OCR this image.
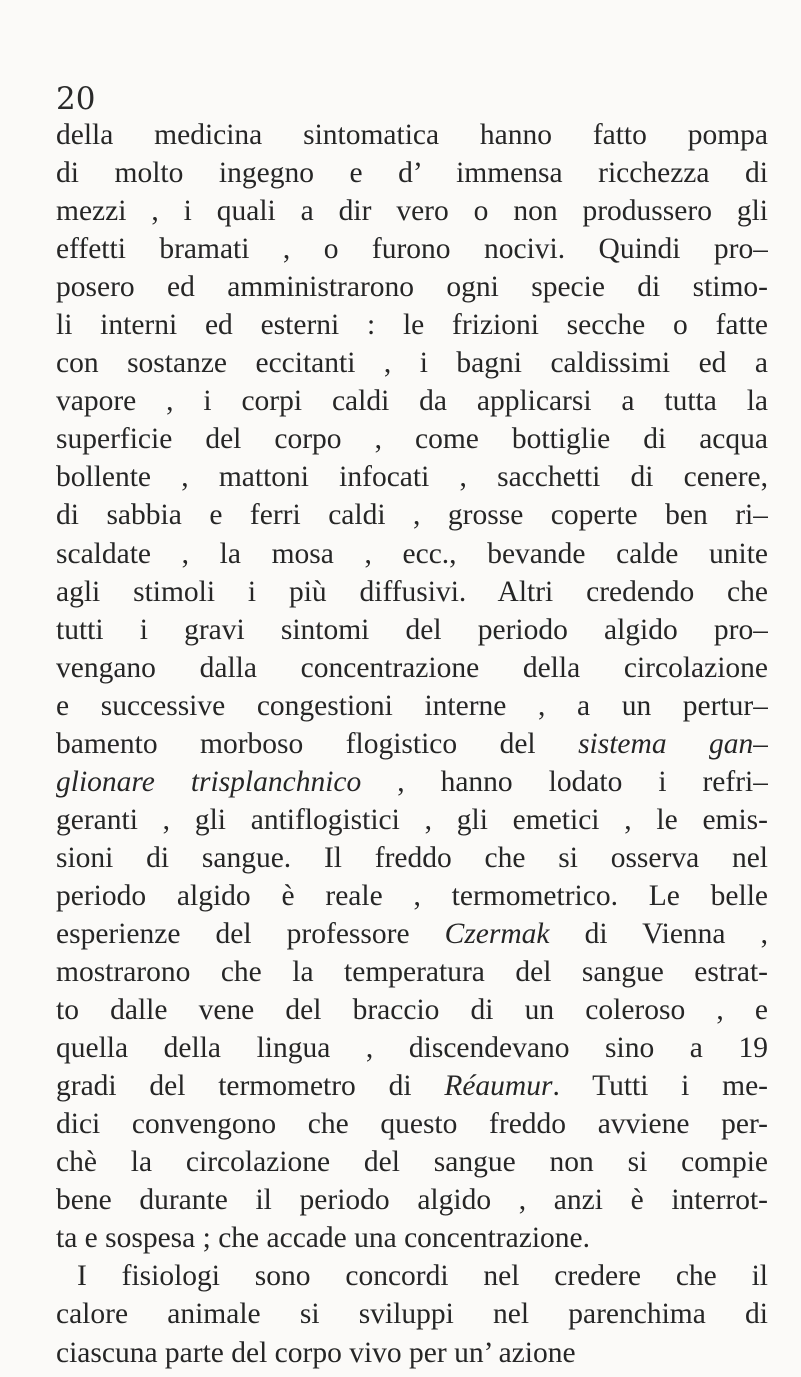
20
della medicina sintomatica hanno fatto pompa
di molto ingegno e d’ immensa ricchezza di
mezzi , i quali a dir vero o non produssero gli
effetti bramati , o furono nocivi. Quindi pro–
posero ed amministrarono ogni specie di stimo-
li interni ed esterni : le frizioni secche o fatte
con sostanze eccitanti , i bagni caldissimi ed a
vapore , i corpi caldi da applicarsi a tutta la
superficie del corpo , come bottiglie di acqua
bollente , mattoni infocati , sacchetti di cenere,
di sabbia e ferri caldi , grosse coperte ben ri–
scaldate , la mosa , ecc., bevande calde unite
agli stimoli i più diffusivi. Altri credendo che
tutti i gravi sintomi del periodo algido pro–
vengano dalla concentrazione della circolazione
e successive congestioni interne , a un pertur–
bamento morboso flogistico del sistema gan–
glionare trisplanchnico , hanno lodato i refri–
geranti , gli antiflogistici , gli emetici , le emis-
sioni di sangue. Il freddo che si osserva nel
periodo algido è reale , termometrico. Le belle
esperienze del professore Czermak di Vienna ,
mostrarono che la temperatura del sangue estrat-
to dalle vene del braccio di un coleroso , e
quella della lingua , discendevano sino a 19
gradi del termometro di Réaumur. Tutti i me-
dici convengono che questo freddo avviene per-
chè la circolazione del sangue non si compie
bene durante il periodo algido , anzi è interrot-
ta e sospesa ; che accade una concentrazione.
I fisiologi sono concordi nel credere che il
calore animale si sviluppi nel parenchima di
ciascuna parte del corpo vivo per un’ azione
